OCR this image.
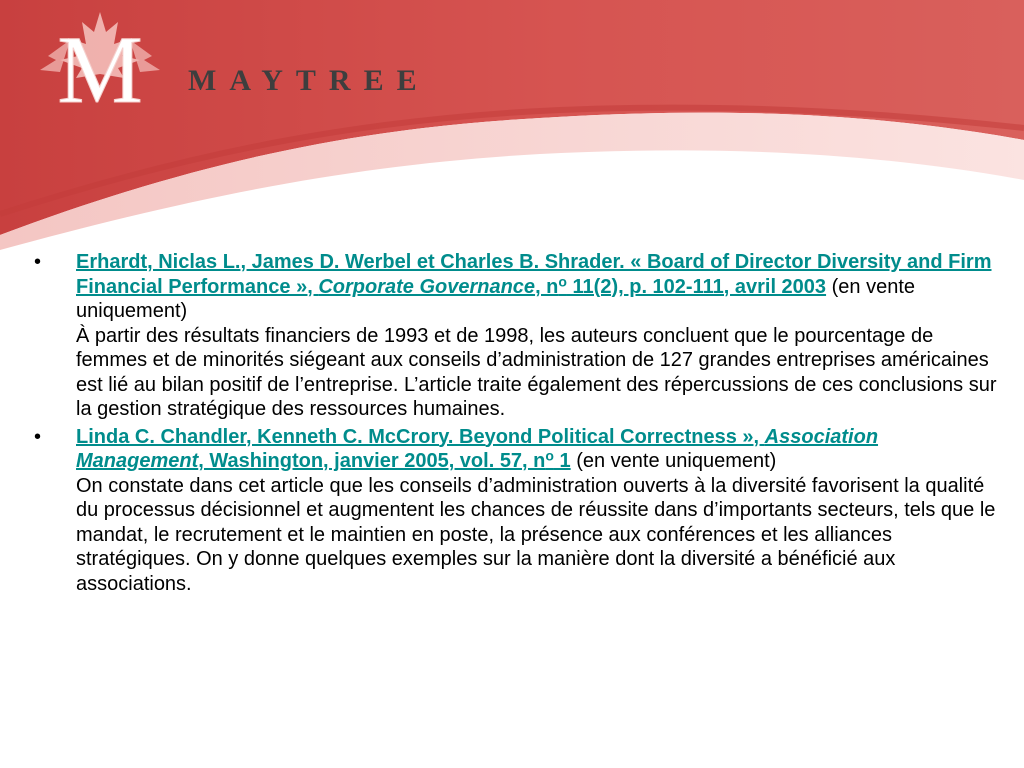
M MAYTREE
• Erhardt, Niclas L., James D. Werbel et Charles B. Shrader. « Board of Director Diversity and Firm Financial Performance », Corporate Governance, n$^o$ 11(2), p. 102-111, avril 2003 (en vente uniquement)
À partir des résultats financiers de 1993 et de 1998, les auteurs concluent que le pourcentage de femmes et de minorités siégeant aux conseils d’administration de 127 grandes entreprises américaines est lié au bilan positif de l’entreprise. L’article traite également des répercussions de ces conclusions sur la gestion stratégique des ressources humaines.
• Linda C. Chandler, Kenneth C. McCrory. Beyond Political Correctness », Association Management, Washington, janvier 2005, vol. 57, n$^o$ 1 (en vente uniquement)
On constate dans cet article que les conseils d’administration ouverts à la diversité favorisent la qualité du processus décisionnel et augmentent les chances de réussite dans d’importants secteurs, tels que le mandat, le recrutement et le maintien en poste, la présence aux conférences et les alliances stratégiques. On y donne quelques exemples sur la manière dont la diversité a bénéficié aux associations.
